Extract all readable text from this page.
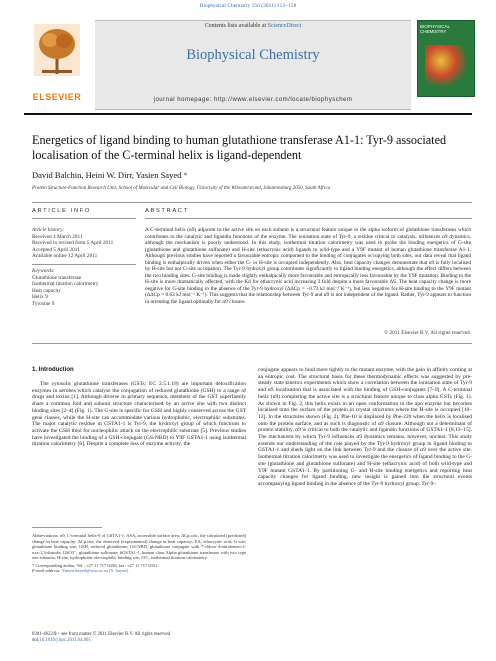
Biophysical Chemistry 156 (2011) 153–158
ELSEVIER
Contents lists available at ScienceDirect
Biophysical Chemistry
journal homepage: http://www.elsevier.com/locate/biophyschem
BIOPHYSICAL CHEMISTRY
Energetics of ligand binding to human glutathione transferase A1-1: Tyr-9 associated localisation of the C-terminal helix is ligand-dependent
David Balchin, Heini W. Dirr, Yasien Sayed *
Protein Structure-Function Research Unit, School of Molecular and Cell Biology, University of the Witwatersrand, Johannesburg 2050, South Africa
ARTICLE INFO	ABSTRACT
Article history:
Received 4 March 2011
Received in revised form 5 April 2011
Accepted 5 April 2011
Available online 12 April 2011
Keywords:
Glutathione transferase
Isothermal titration calorimetry
Heat capacity
Helix 9
Tyrosine 9
A C-terminal helix (α9) adjacent to the active site on each subunit is a structural feature unique to the alpha isoform of glutathione transferases which contributes to the catalytic and ligandin functions of the enzyme. The ionisation state of Tyr-9, a residue critical to catalysis, influences α9 dynamics, although the mechanism is poorly understood. In this study, isothermal titration calorimetry was used to probe the binding energetics of G-site (glutathione and glutathione sulfonate) and H-site (ethacrynic acid) ligands to wild-type and a Y9F mutant of human glutathione transferase A1-1. Although previous studies have reported a favourable entropic component to the binding of conjugates occupying both sites, our data reveal that ligand binding is enthalpically driven when either the G- or H-site is occupied independently. Also, heat capacity changes demonstrate that α9 is fully localised by H-site but not G-site occupation. The Tyr-9 hydroxyl group contributes significantly to ligand binding energetics, although the effect differs between the two binding sites. G-site binding is made slightly enthalpically more favourable and entropically less favourable by the Y9F mutation. Binding to the H-site is more dramatically affected, with the Kd for ethacrynic acid increasing 3 fold despite a more favourable ΔS. The heat capacity change is more negative for G-site binding in the absence of the Tyr-9 hydroxyl (ΔΔCp = −0.73 kJ mol⁻¹ K⁻¹), but less negative for H-site binding to the Y9F mutant (ΔΔCp = 0.63 kJ mol⁻¹ K⁻¹). This suggests that the relationship between Tyr-9 and α9 is not independent of the ligand. Rather, Tyr-9 appears to function in orienting the ligand optimally for α9 closure.
© 2011 Elsevier B.V. All rights reserved.
1. Introduction

The cytosolic glutathione transferases (GSTs; EC 2.5.1.18) are important detoxification enzymes in aerobes which catalyse the conjugation of reduced glutathione (GSH) to a range of drugs and toxins [1]. Although diverse in primary sequence, members of the GST superfamily share a common fold and subunit structure characterised by an active site with two distinct binding sites [2–4] (Fig. 1). The G-site is specific for GSH and highly conserved across the GST gene classes, while the H-site can accommodate various hydrophobic, electrophilic substrates. The major catalytic residue in GSTA1-1 is Tyr-9, the hydroxyl group of which functions to activate the GSH thiol for nucleophilic attack on the electrophilic substrate [5]. Previous studies have investigated the binding of a GSH-conjugate (GS-NBD) to Y9F GSTA1-1 using isothermal titration calorimetry [6]. Despite a complete loss of enzyme activity, the

conjugate appears to bind more tightly to the mutant enzyme, with the gain in affinity coming at an entropic cost. The structural basis for these thermodynamic effects was suggested by pre-steady state kinetics experiments which show a correlation between the ionisation state of Tyr-9 and α9 localisation that is associated with the binding of GSH-conjugates [7–9]. A C-terminal helix (α9) completing the active site is a structural feature unique to class alpha GSTs (Fig. 1). As shown in Fig. 2, this helix exists in an open conformation in the apo enzyme but becomes localised onto the surface of the protein in crystal structures where the H-site is occupied [10–12]. In the structures shown (Fig. 2), Phe-10 is displaced by Phe-220 when the helix is localised onto the protein surface, and as such is diagnostic of α9 closure. Although not a determinant of protein stability, α9 is critical to both the catalytic and ligandin functions of GSTA1-1 [8,13–15]. The mechanism by which Tyr-9 influences α9 dynamics remains, however, unclear. This study extends our understanding of the role played by the Tyr-9 hydroxyl group in ligand binding to GSTA1-1 and sheds light on the link between Tyr-9 and the closure of α9 over the active site. Isothermal titration calorimetry was used to investigate the energetics of ligand binding to the G-site (glutathione and glutathione sulfonate) and H-site (ethacrynic acid) of both wild-type and Y9F mutant GSTA1-1. By partitioning G- and H-site binding energetics and reporting heat capacity changes for ligand binding, new insight is gained into the structural events accompanying ligand binding in the absence of the Tyr-9 hydroxyl group. Tyr-9–

Abbreviations: α9, C-terminal helix-9 of GSTA1-1; ASA, accessible surface area; ΔCp,calc, the calculated (predicted) change in heat capacity; ΔCp,obs, the observed (experimental) change in heat capacity; EA, ethacrynic acid; G-site, glutathione binding site; GSH, reduced glutathione; GS-NBD, glutathione conjugate with 7-chloro-4-nitrobenzo-2-oxa-1,3-diazole; GSO3⁻, glutathione sulfonate; hGSTA1-1, human class Alpha glutathione transferase with two type one subunits; H-site, hydrophobic electrophilic binding site; ITC, isothermal titration calorimetry.
* Corresponding author. Tel.: +27 11 717 6350; fax: +27 11 717 6351.
E-mail address: Yasien.Sayed@wits.ac.za (Y. Sayed).
0301-4622/$ – see front matter © 2011 Elsevier B.V. All rights reserved.
doi:10.1016/j.bpc.2011.04.005
